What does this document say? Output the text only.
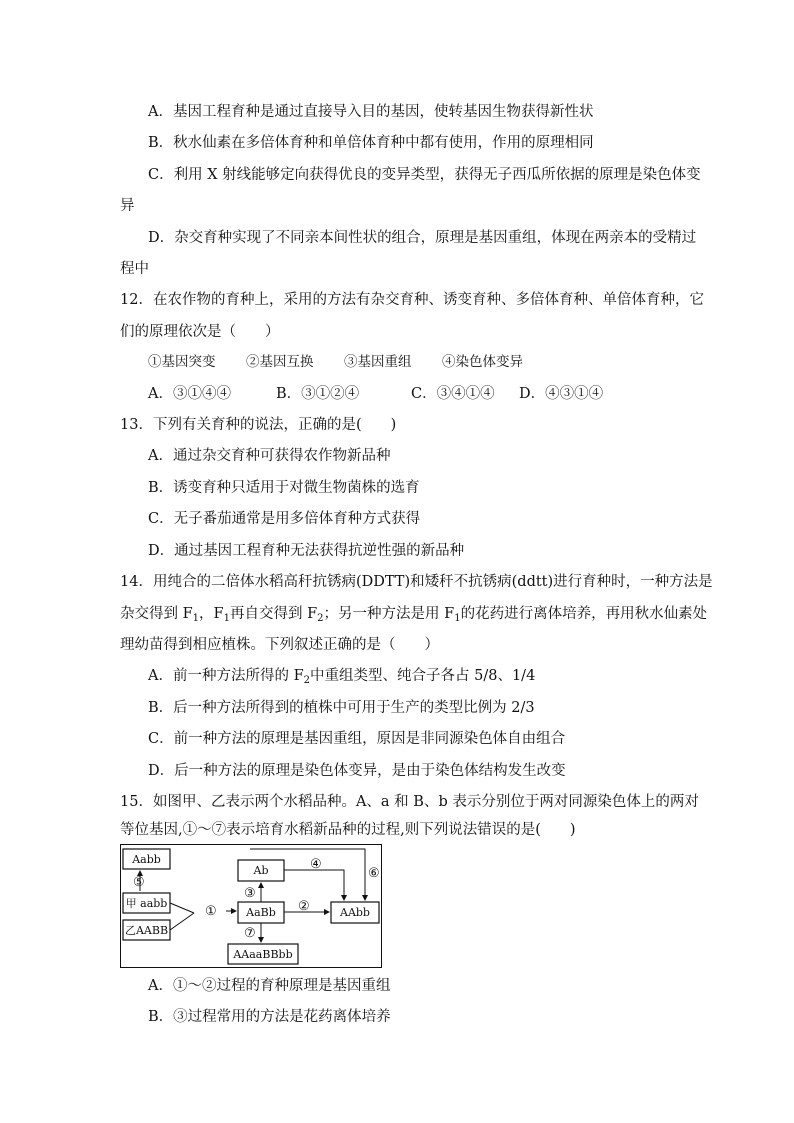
A．基因工程育种是通过直接导入目的基因，使转基因生物获得新性状
B．秋水仙素在多倍体育种和单倍体育种中都有使用，作用的原理相同
C．利用 X 射线能够定向获得优良的变异类型，获得无子西瓜所依据的原理是染色体变
异
D．杂交育种实现了不同亲本间性状的组合，原理是基因重组，体现在两亲本的受精过
程中
12．在农作物的育种上，采用的方法有杂交育种、诱变育种、多倍体育种、单倍体育种，它
们的原理依次是（　　）
①基因突变 ②基因互换 ③基因重组 ④染色体变异
A．③①④④	B．③①②④	C．③④①④ D．④③①④
13．下列有关育种的说法，正确的是(　　)
A．通过杂交育种可获得农作物新品种
B．诱变育种只适用于对微生物菌株的选育
C．无子番茄通常是用多倍体育种方式获得
D．通过基因工程育种无法获得抗逆性强的新品种
14．用纯合的二倍体水稻高秆抗锈病(DDTT)和矮秆不抗锈病(ddtt)进行育种时，一种方法是
杂交得到 $F_1$，$F_1$再自交得到 $F_2$；另一种方法是用 $F_1$的花药进行离体培养，再用秋水仙素处
理幼苗得到相应植株。下列叙述正确的是（　　）
A．前一种方法所得的 $F_2$中重组类型、纯合子各占 5/8、1/4
B．后一种方法所得到的植株中可用于生产的类型比例为 2/3
C．前一种方法的原理是基因重组，原因是非同源染色体自由组合
D．后一种方法的原理是染色体变异，是由于染色体结构发生改变
15．如图甲、乙表示两个水稻品种。A、a 和 B、b 表示分别位于两对同源染色体上的两对
等位基因,①～⑦表示培育水稻新品种的过程,则下列说法错误的是(　　)
Aabb
⑤
甲 aabb
乙AABB
①	AaBb
③
Ab	④
②
⑥
AAbb
⑦
AAaaBBbb
A．①～②过程的育种原理是基因重组
B．③过程常用的方法是花药离体培养
